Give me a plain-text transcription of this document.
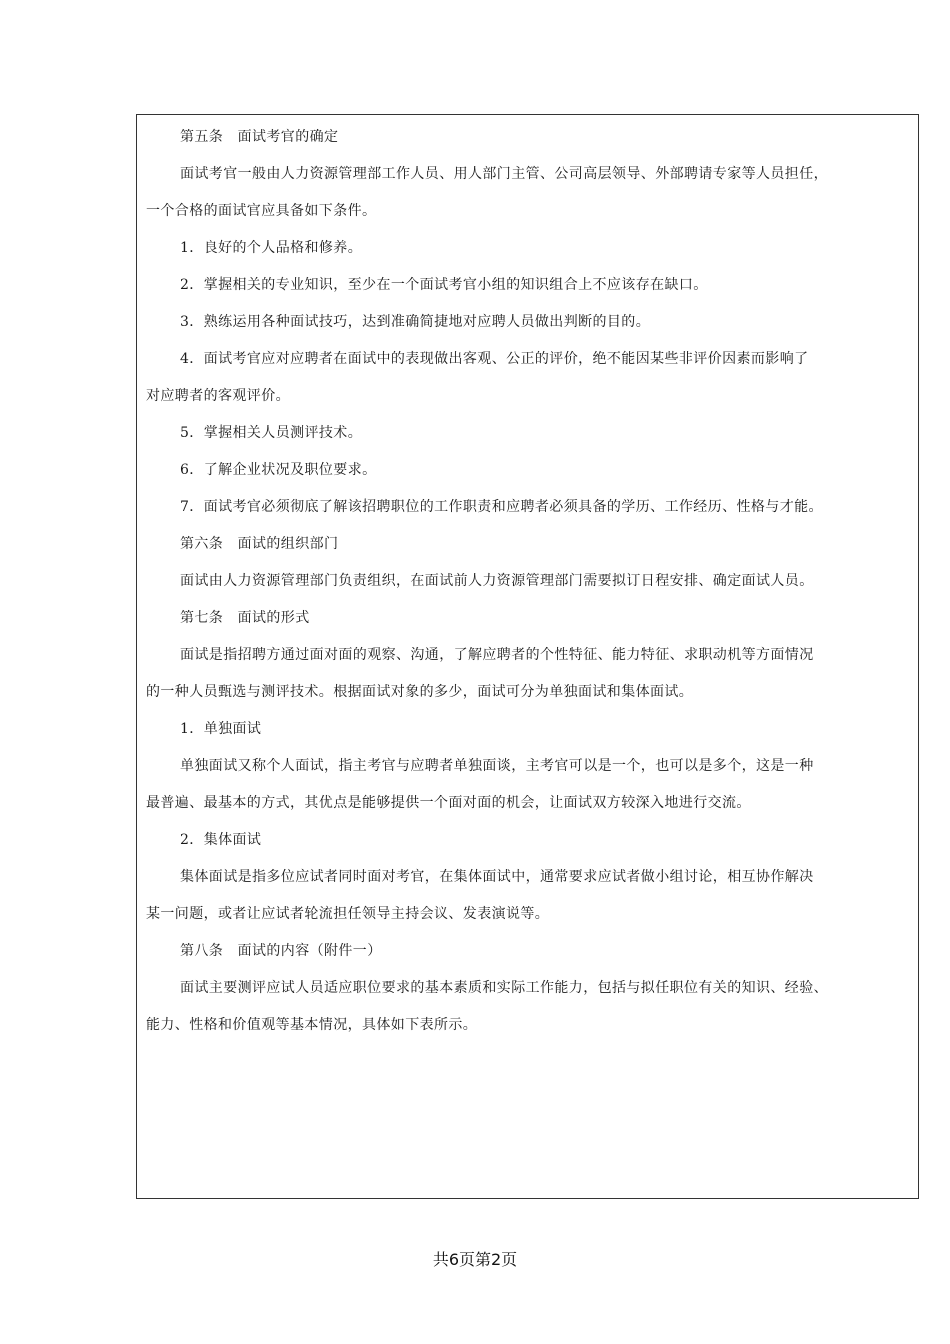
第五条　面试考官的确定
面试考官一般由人力资源管理部工作人员、用人部门主管、公司高层领导、外部聘请专家等人员担任，
一个合格的面试官应具备如下条件。
1．良好的个人品格和修养。
2．掌握相关的专业知识，至少在一个面试考官小组的知识组合上不应该存在缺口。
3．熟练运用各种面试技巧，达到准确简捷地对应聘人员做出判断的目的。
4．面试考官应对应聘者在面试中的表现做出客观、公正的评价，绝不能因某些非评价因素而影响了
对应聘者的客观评价。
5．掌握相关人员测评技术。
6．了解企业状况及职位要求。
7．面试考官必须彻底了解该招聘职位的工作职责和应聘者必须具备的学历、工作经历、性格与才能。
第六条　面试的组织部门
面试由人力资源管理部门负责组织，在面试前人力资源管理部门需要拟订日程安排、确定面试人员。
第七条　面试的形式
面试是指招聘方通过面对面的观察、沟通，了解应聘者的个性特征、能力特征、求职动机等方面情况
的一种人员甄选与测评技术。根据面试对象的多少，面试可分为单独面试和集体面试。
1．单独面试
单独面试又称个人面试，指主考官与应聘者单独面谈，主考官可以是一个，也可以是多个，这是一种
最普遍、最基本的方式，其优点是能够提供一个面对面的机会，让面试双方较深入地进行交流。
2．集体面试
集体面试是指多位应试者同时面对考官，在集体面试中，通常要求应试者做小组讨论，相互协作解决
某一问题，或者让应试者轮流担任领导主持会议、发表演说等。
第八条　面试的内容（附件一）
面试主要测评应试人员适应职位要求的基本素质和实际工作能力，包括与拟任职位有关的知识、经验、
能力、性格和价值观等基本情况，具体如下表所示。
共6页第2页
